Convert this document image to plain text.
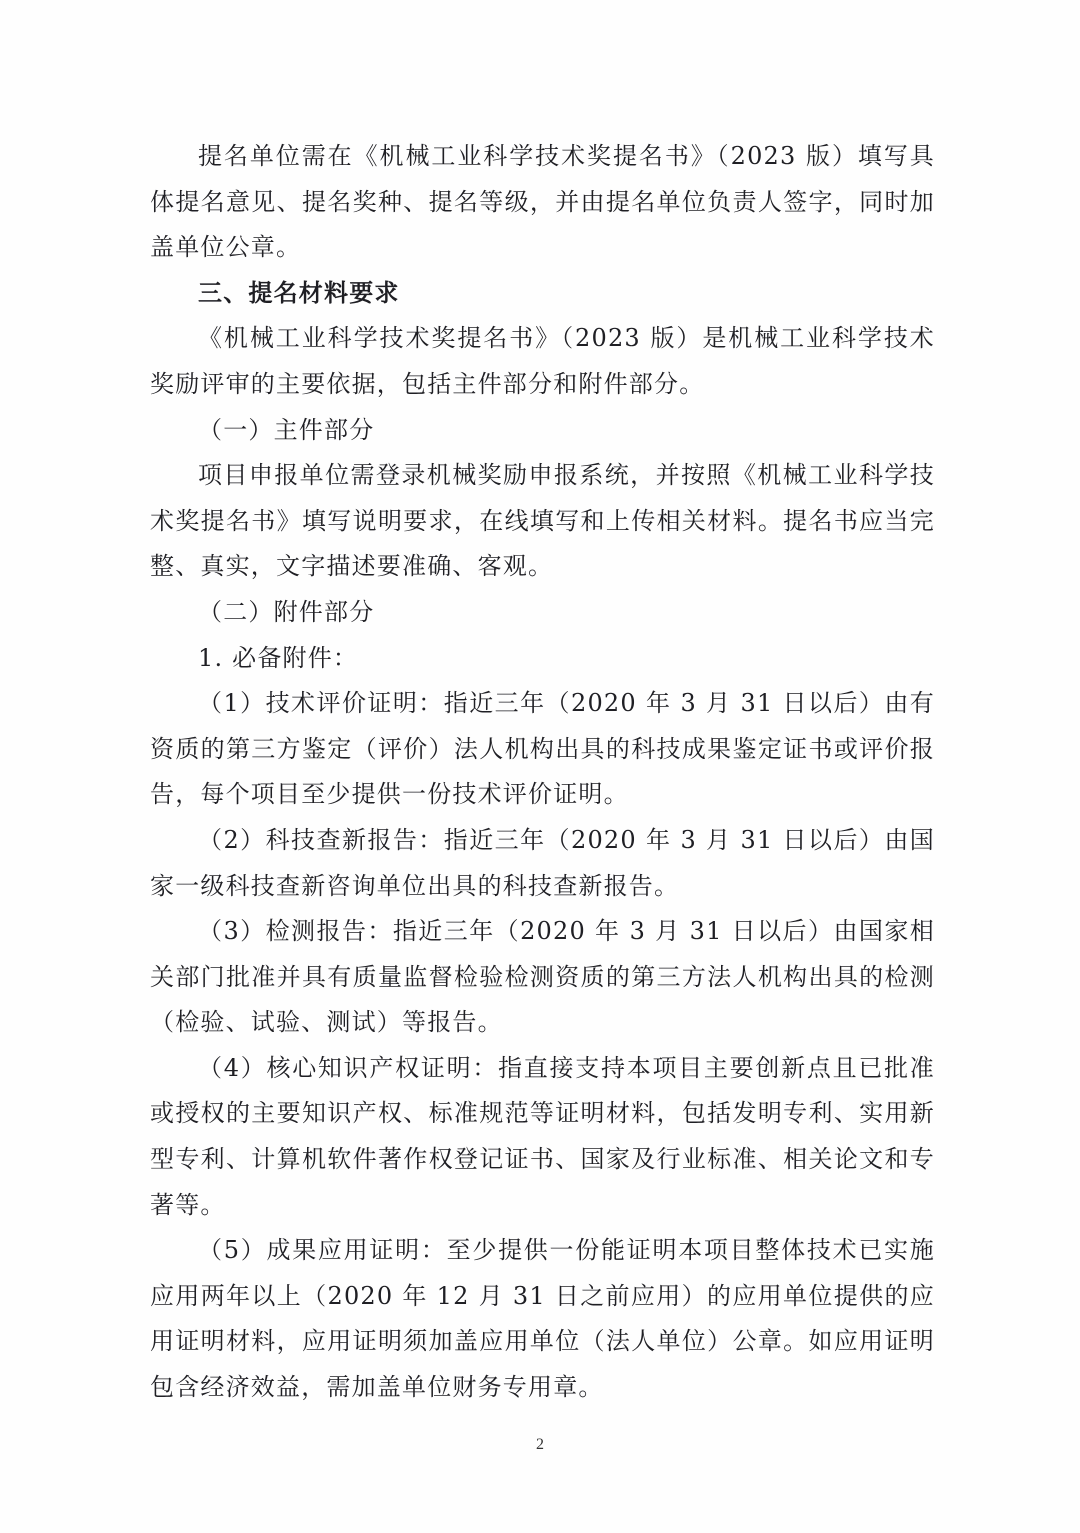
提名单位需在《机械工业科学技术奖提名书》（2023 版）填写具体提名意见、提名奖种、提名等级，并由提名单位负责人签字，同时加盖单位公章。

三、提名材料要求

《机械工业科学技术奖提名书》（2023 版）是机械工业科学技术奖励评审的主要依据，包括主件部分和附件部分。

（一）主件部分

项目申报单位需登录机械奖励申报系统，并按照《机械工业科学技术奖提名书》填写说明要求，在线填写和上传相关材料。提名书应当完整、真实，文字描述要准确、客观。

（二）附件部分

1. 必备附件：

（1）技术评价证明：指近三年（2020 年 3 月 31 日以后）由有资质的第三方鉴定（评价）法人机构出具的科技成果鉴定证书或评价报告，每个项目至少提供一份技术评价证明。

（2）科技查新报告：指近三年（2020 年 3 月 31 日以后）由国家一级科技查新咨询单位出具的科技查新报告。

（3）检测报告：指近三年（2020 年 3 月 31 日以后）由国家相关部门批准并具有质量监督检验检测资质的第三方法人机构出具的检测（检验、试验、测试）等报告。

（4）核心知识产权证明：指直接支持本项目主要创新点且已批准或授权的主要知识产权、标准规范等证明材料，包括发明专利、实用新型专利、计算机软件著作权登记证书、国家及行业标准、相关论文和专著等。

（5）成果应用证明：至少提供一份能证明本项目整体技术已实施应用两年以上（2020 年 12 月 31 日之前应用）的应用单位提供的应用证明材料，应用证明须加盖应用单位（法人单位）公章。如应用证明包含经济效益，需加盖单位财务专用章。

2
